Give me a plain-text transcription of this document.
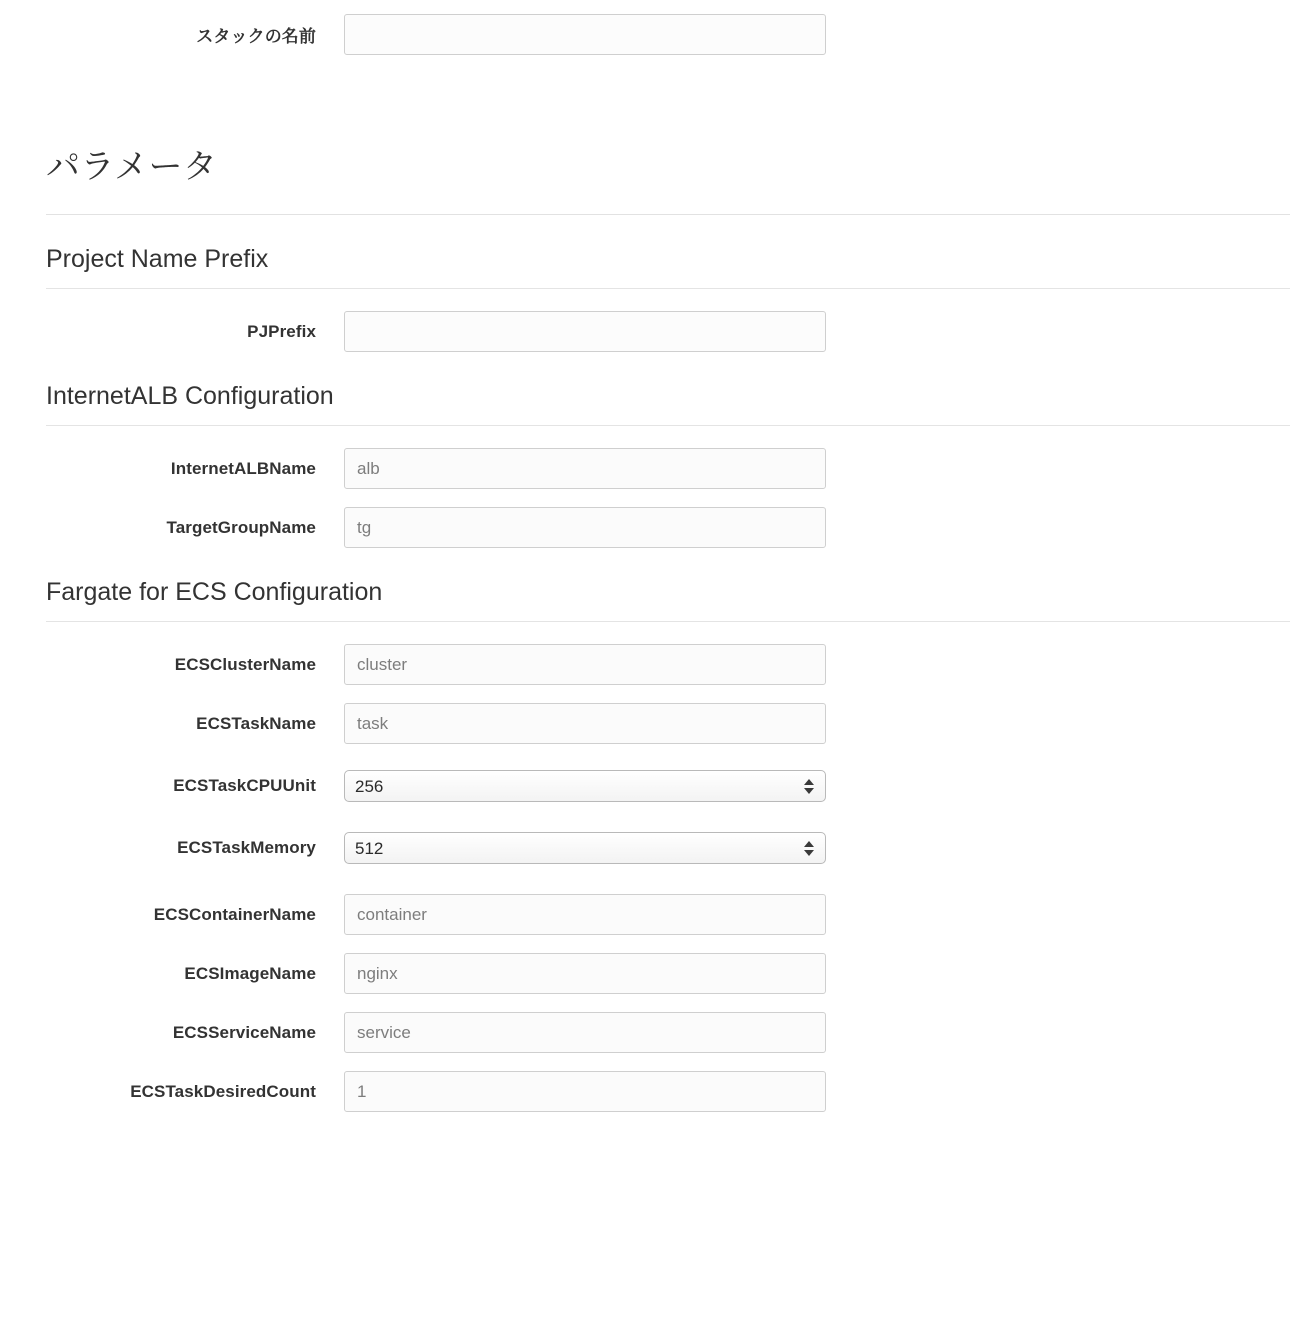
スタックの名前
パラメータ
Project Name Prefix
PJPrefix
InternetALB Configuration
InternetALBName
alb
TargetGroupName
tg
Fargate for ECS Configuration
ECSClusterName
cluster
ECSTaskName
task
ECSTaskCPUUnit
256
ECSTaskMemory
512
ECSContainerName
container
ECSImageName
nginx
ECSServiceName
service
ECSTaskDesiredCount
1
